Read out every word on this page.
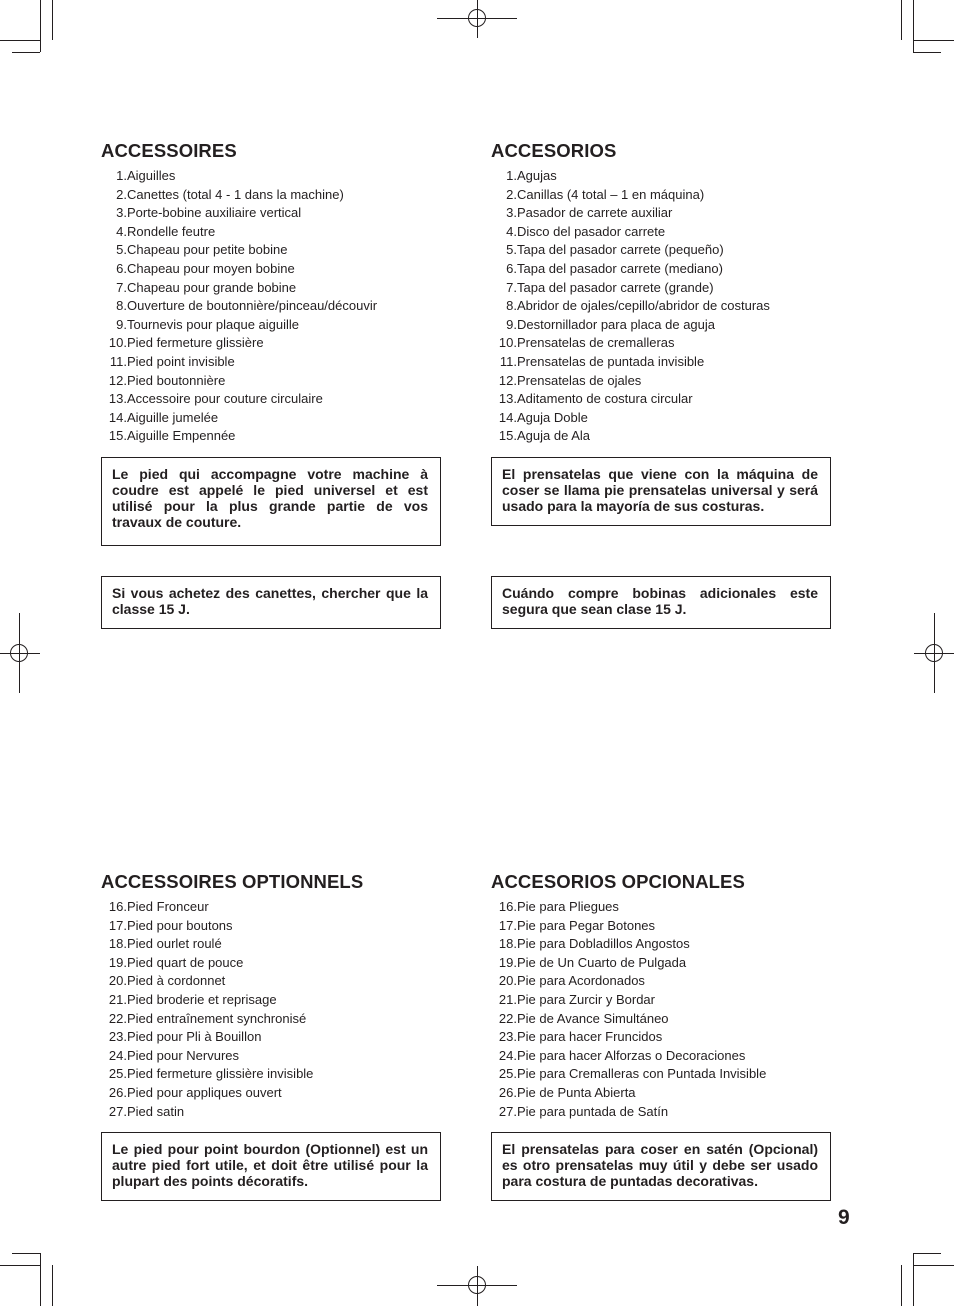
ACCESSOIRES
1. Aiguilles
2. Canettes (total 4 - 1 dans la machine)
3. Porte-bobine auxiliaire vertical
4. Rondelle feutre
5. Chapeau pour petite bobine
6. Chapeau pour moyen bobine
7. Chapeau pour grande bobine
8. Ouverture de boutonnière/pinceau/découvir
9. Tournevis pour plaque aiguille
10. Pied fermeture glissière
11. Pied point invisible
12. Pied boutonnière
13. Accessoire pour couture circulaire
14. Aiguille jumelée
15. Aiguille Empennée
ACCESORIOS
1. Agujas
2. Canillas (4 total – 1 en máquina)
3. Pasador de carrete auxiliar
4. Disco del pasador carrete
5. Tapa del pasador carrete (pequeño)
6. Tapa del pasador carrete (mediano)
7. Tapa del pasador carrete (grande)
8. Abridor de ojales/cepillo/abridor de costuras
9. Destornillador para placa de aguja
10. Prensatelas de cremalleras
11. Prensatelas de puntada invisible
12. Prensatelas de ojales
13. Aditamento de costura circular
14. Aguja Doble
15. Aguja de Ala
Le pied qui accompagne votre machine à coudre est appelé le pied universel et est utilisé pour la plus grande partie de vos travaux de couture.
El prensatelas que viene con la máquina de coser se llama pie prensatelas universal y será usado para la mayoría de sus costuras.
Si vous achetez des canettes, chercher que la classe 15 J.
Cuándo compre bobinas adicionales este segura que sean clase 15 J.
ACCESSOIRES OPTIONNELS
16. Pied Fronceur
17. Pied pour boutons
18. Pied ourlet roulé
19. Pied quart de pouce
20. Pied à cordonnet
21. Pied broderie et reprisage
22. Pied entraînement synchronisé
23. Pied pour Pli à Bouillon
24. Pied pour Nervures
25. Pied fermeture glissière invisible
26. Pied pour appliques ouvert
27. Pied satin
ACCESORIOS OPCIONALES
16. Pie para Pliegues
17. Pie para Pegar Botones
18. Pie para Dobladillos Angostos
19. Pie de Un Cuarto de Pulgada
20. Pie para Acordonados
21. Pie para Zurcir y Bordar
22. Pie de Avance Simultáneo
23. Pie para hacer Fruncidos
24. Pie para hacer Alforzas o Decoraciones
25. Pie para Cremalleras con Puntada Invisible
26. Pie de Punta Abierta
27. Pie para puntada de Satín
Le pied pour point bourdon (Optionnel) est un autre pied fort utile, et doit être utilisé pour la plupart des points décoratifs.
El prensatelas para coser en satén (Opcional) es otro prensatelas muy útil y debe ser usado para costura de puntadas decorativas.
9
